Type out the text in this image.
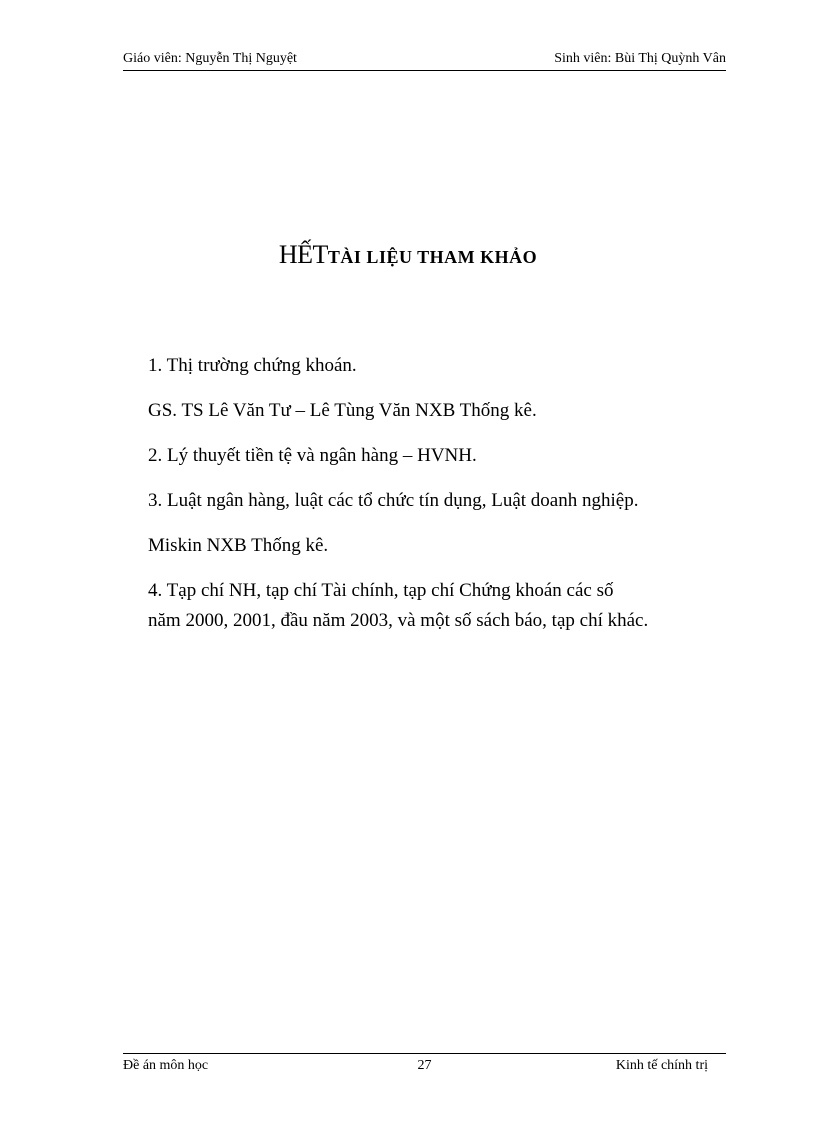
Giáo viên: Nguyễn Thị Nguyệt	Sinh viên: Bùi Thị Quỳnh Vân
HẾTTÀI LIỆU THAM KHẢO

1. Thị trường chứng khoán.

GS. TS Lê Văn Tư – Lê Tùng Văn NXB Thống kê.

2. Lý thuyết tiền tệ và ngân hàng – HVNH.

3. Luật ngân hàng, luật các tổ chức tín dụng, Luật doanh nghiệp.

Miskin NXB Thống kê.

4. Tạp chí NH, tạp chí Tài chính, tạp chí Chứng khoán các số

năm 2000, 2001, đầu năm 2003, và một số sách báo, tạp chí khác.

Đề án môn học	27	Kinh tế chính trị
